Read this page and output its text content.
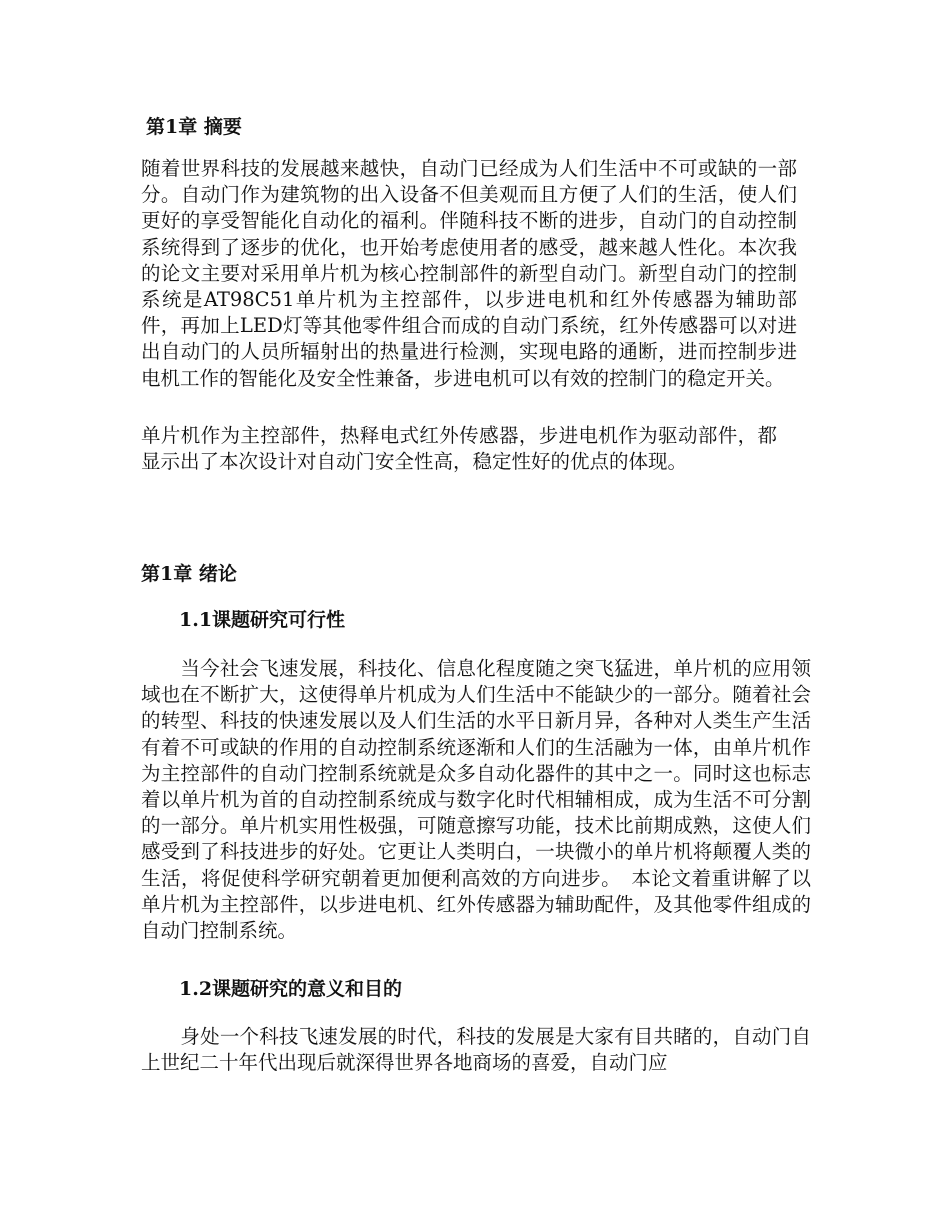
第1章 摘要

随着世界科技的发展越来越快，自动门已经成为人们生活中不可或缺的一部分。自动门作为建筑物的出入设备不但美观而且方便了人们的生活，使人们更好的享受智能化自动化的福利。伴随科技不断的进步，自动门的自动控制系统得到了逐步的优化，也开始考虑使用者的感受，越来越人性化。本次我的论文主要对采用单片机为核心控制部件的新型自动门。新型自动门的控制系统是AT98C51单片机为主控部件，以步进电机和红外传感器为辅助部件，再加上LED灯等其他零件组合而成的自动门系统，红外传感器可以对进出自动门的人员所辐射出的热量进行检测，实现电路的通断，进而控制步进电机工作的智能化及安全性兼备，步进电机可以有效的控制门的稳定开关。

单片机作为主控部件，热释电式红外传感器，步进电机作为驱动部件，都显示出了本次设计对自动门安全性高，稳定性好的优点的体现。

第1章 绪论
1.1课题研究可行性

　　当今社会飞速发展，科技化、信息化程度随之突飞猛进，单片机的应用领域也在不断扩大，这使得单片机成为人们生活中不能缺少的一部分。随着社会的转型、科技的快速发展以及人们生活的水平日新月异，各种对人类生产生活有着不可或缺的作用的自动控制系统逐渐和人们的生活融为一体，由单片机作为主控部件的自动门控制系统就是众多自动化器件的其中之一。同时这也标志着以单片机为首的自动控制系统成与数字化时代相辅相成，成为生活不可分割的一部分。单片机实用性极强，可随意擦写功能，技术比前期成熟，这使人们感受到了科技进步的好处。它更让人类明白，一块微小的单片机将颠覆人类的生活，将促使科学研究朝着更加便利高效的方向进步。　本论文着重讲解了以单片机为主控部件，以步进电机、红外传感器为辅助配件，及其他零件组成的自动门控制系统。

1.2课题研究的意义和目的

　　身处一个科技飞速发展的时代，科技的发展是大家有目共睹的，自动门自上世纪二十年代出现后就深得世界各地商场的喜爱，自动门应
